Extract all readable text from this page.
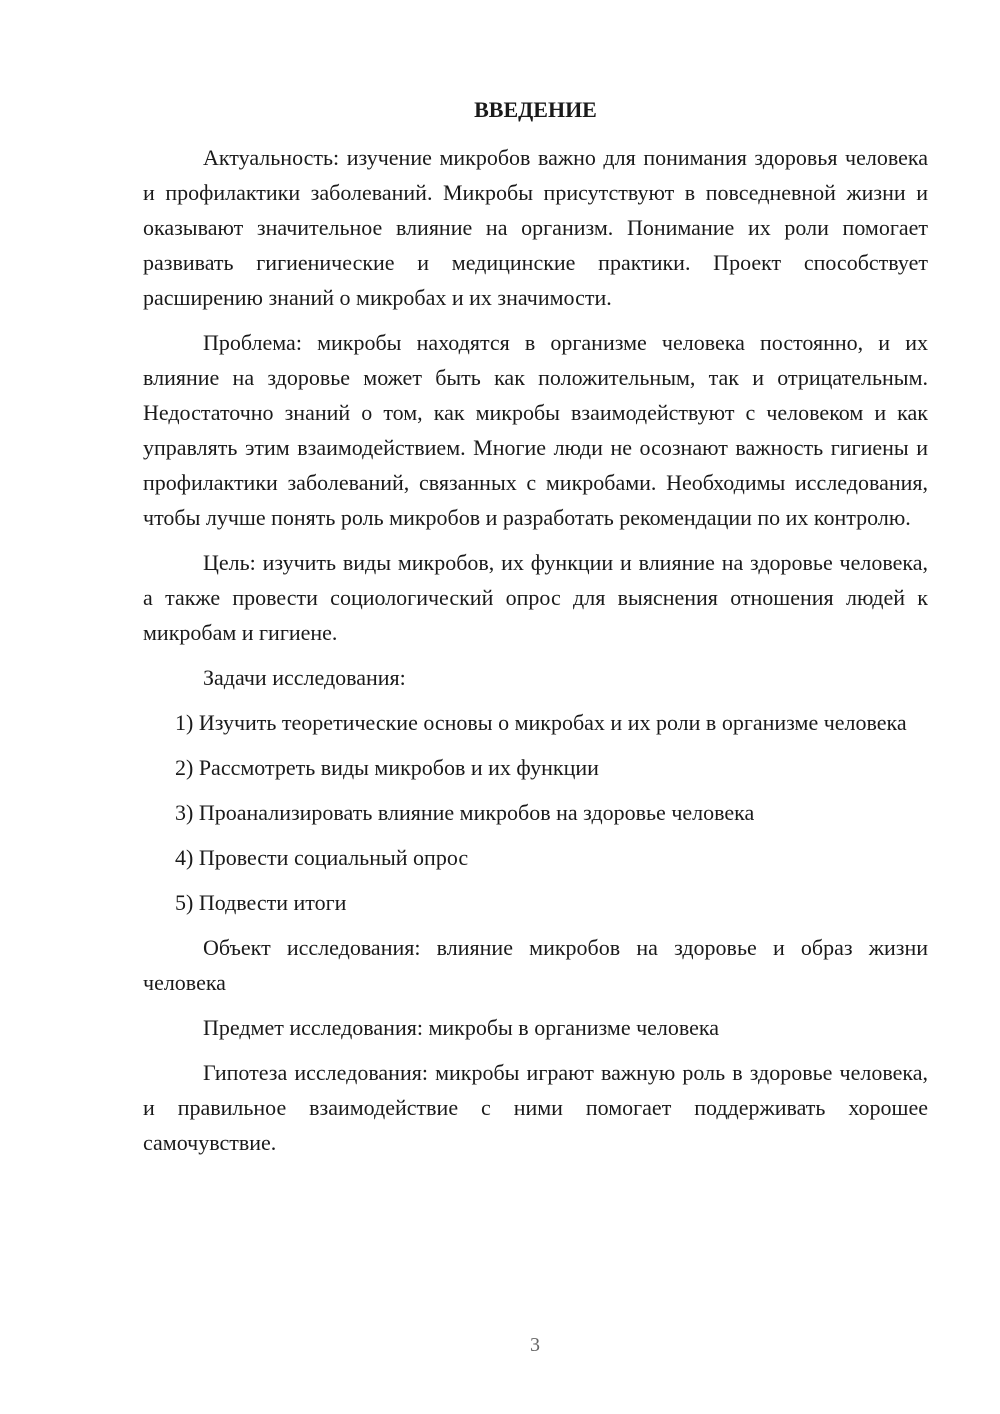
ВВЕДЕНИЕ

Актуальность: изучение микробов важно для понимания здоровья человека и профилактики заболеваний. Микробы присутствуют в повседневной жизни и оказывают значительное влияние на организм. Понимание их роли помогает развивать гигиенические и медицинские практики. Проект способствует расширению знаний о микробах и их значимости.

Проблема: микробы находятся в организме человека постоянно, и их влияние на здоровье может быть как положительным, так и отрицательным. Недостаточно знаний о том, как микробы взаимодействуют с человеком и как управлять этим взаимодействием. Многие люди не осознают важность гигиены и профилактики заболеваний, связанных с микробами. Необходимы исследования, чтобы лучше понять роль микробов и разработать рекомендации по их контролю.

Цель: изучить виды микробов, их функции и влияние на здоровье человека, а также провести социологический опрос для выяснения отношения людей к микробам и гигиене.

Задачи исследования:

1) Изучить теоретические основы о микробах и их роли в организме человека

2) Рассмотреть виды микробов и их функции

3) Проанализировать влияние микробов на здоровье человека

4) Провести социальный опрос

5) Подвести итоги

Объект исследования: влияние микробов на здоровье и образ жизни человека

Предмет исследования: микробы в организме человека

Гипотеза исследования: микробы играют важную роль в здоровье человека, и правильное взаимодействие с ними помогает поддерживать хорошее самочувствие.

3
